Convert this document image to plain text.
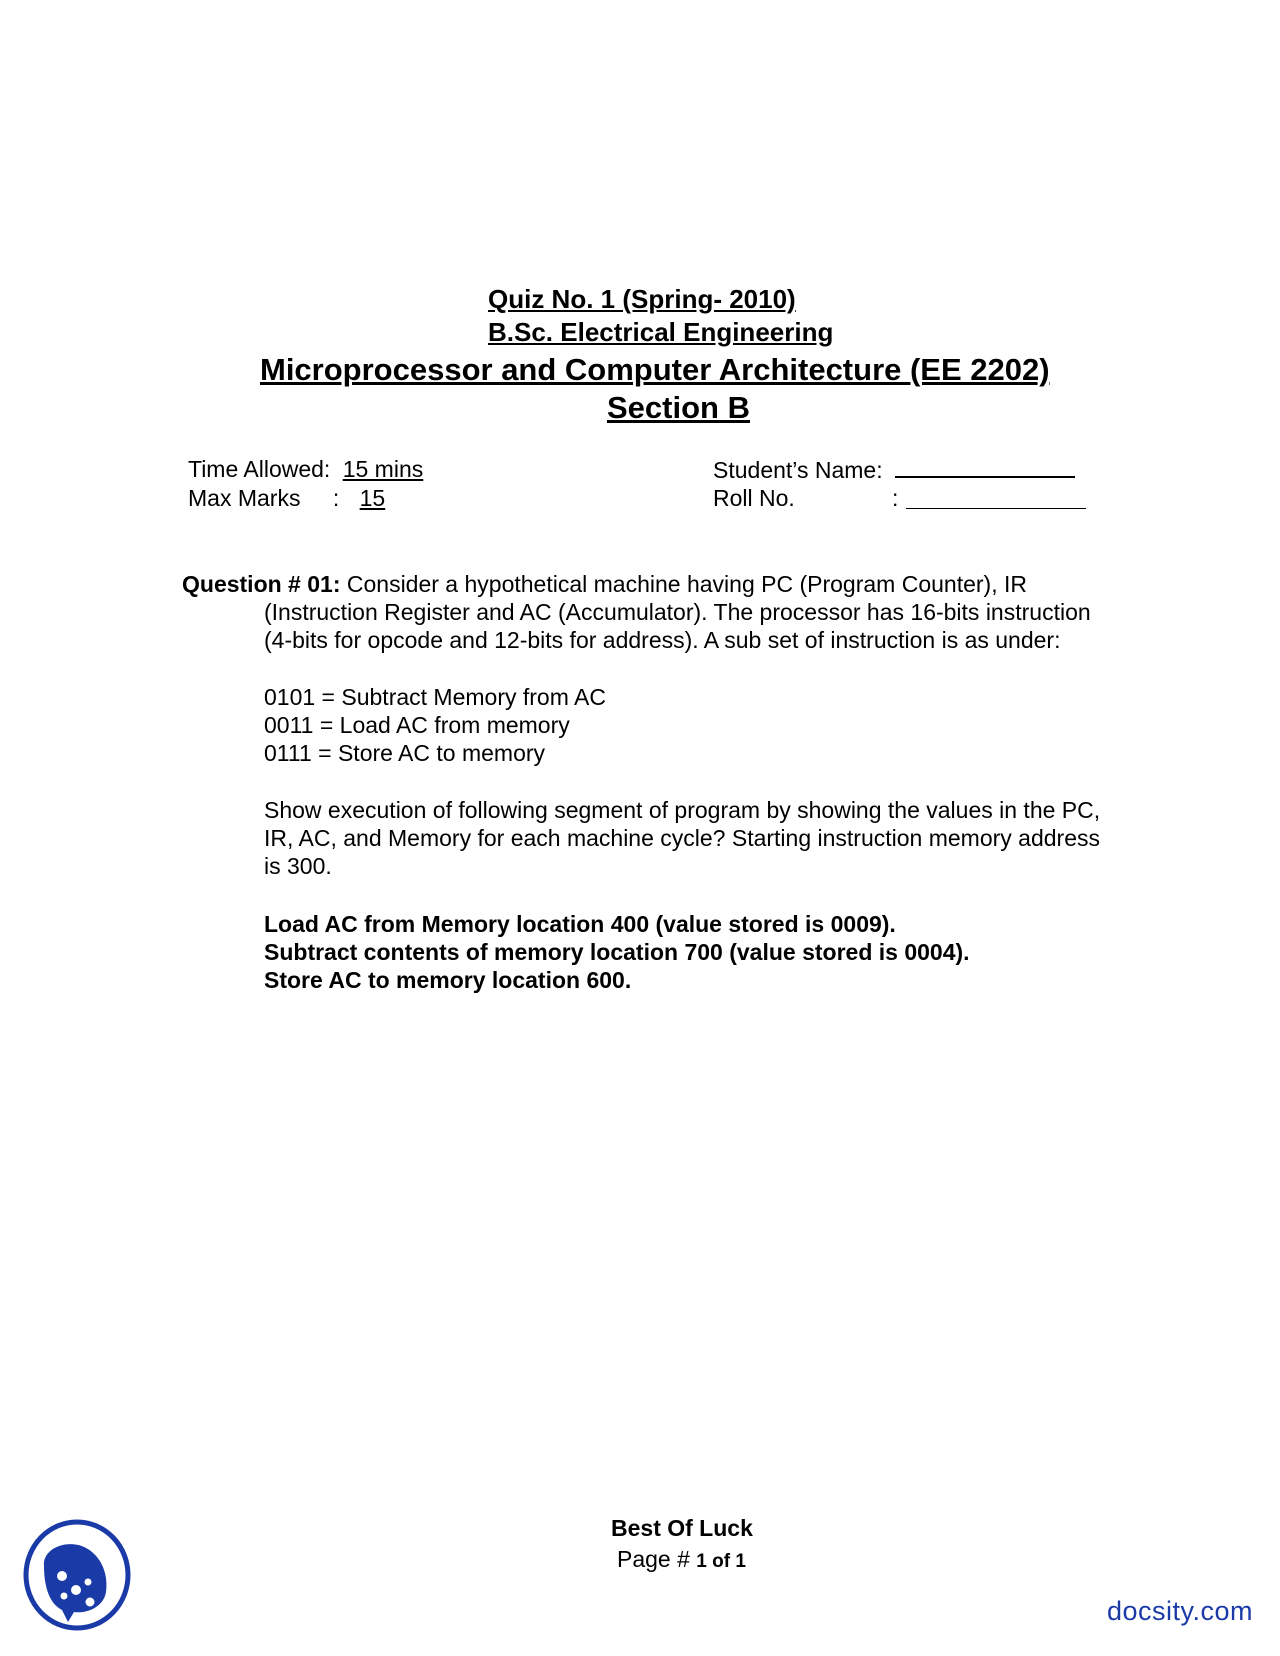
Quiz No. 1 (Spring- 2010)
B.Sc. Electrical Engineering
Microprocessor and Computer Architecture (EE 2202)
Section B
Time Allowed: 15 mins
Max Marks : 15
Student’s Name:
Roll No.	:
Question # 01: Consider a hypothetical machine having PC (Program Counter), IR
(Instruction Register and AC (Accumulator). The processor has 16-bits instruction
(4-bits for opcode and 12-bits for address). A sub set of instruction is as under:
0101 = Subtract Memory from AC
0011 = Load AC from memory
0111 = Store AC to memory
Show execution of following segment of program by showing the values in the PC,
IR, AC, and Memory for each machine cycle? Starting instruction memory address
is 300.
Load AC from Memory location 400 (value stored is 0009).
Subtract contents of memory location 700 (value stored is 0004).
Store AC to memory location 600.
Best Of Luck
Page # 1 of 1
docsity.com
